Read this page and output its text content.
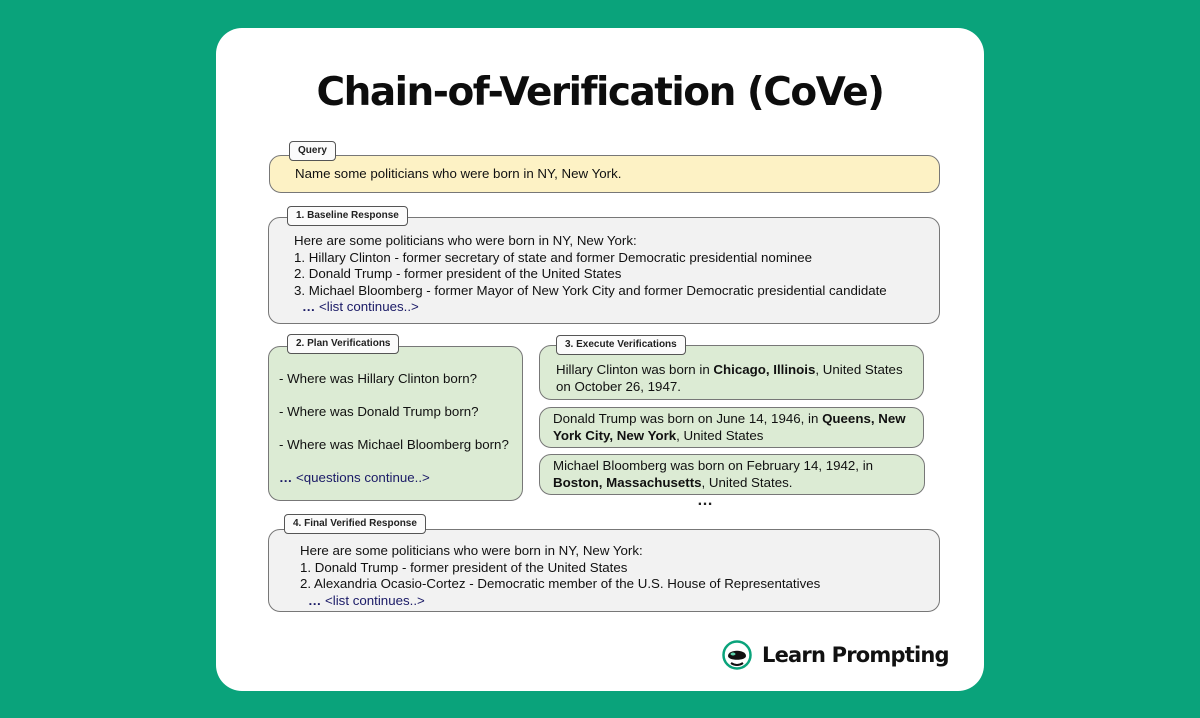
Chain-of-Verification (CoVe)
Query

Name some politicians who were born in NY, New York.

1. Baseline Response

Here are some politicians who were born in NY, New York:

1. Hillary Clinton - former secretary of state and former Democratic presidential nominee

2. Donald Trump - former president of the United States

3. Michael Bloomberg - former Mayor of New York City and former Democratic presidential candidate

… <list continues..>

2. Plan Verifications

- Where was Hillary Clinton born?

- Where was Donald Trump born?

- Where was Michael Bloomberg born?

… <questions continue..>

3. Execute Verifications

Hillary Clinton was born in Chicago, Illinois, United States on October 26, 1947.

Donald Trump was born on June 14, 1946, in Queens, New York City, New York, United States

Michael Bloomberg was born on February 14, 1942, in Boston, Massachusetts, United States.

…
4. Final Verified Response

Here are some politicians who were born in NY, New York:

1. Donald Trump - former president of the United States

2. Alexandria Ocasio-Cortez - Democratic member of the U.S. House of Representatives

… <list continues..>

Learn Prompting
